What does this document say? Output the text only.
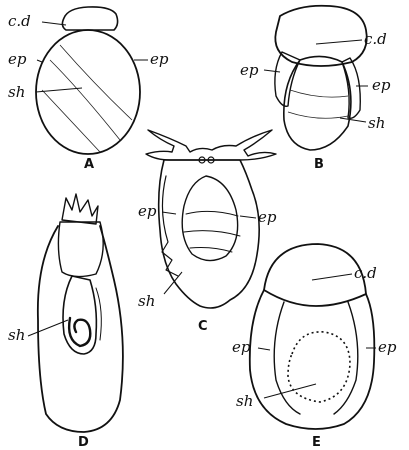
c.d
ep	ep
sh
A
c.d
ep
ep
sh
B
ep	ep
sh
C
sh
D
c.d
ep	ep
sh
E
